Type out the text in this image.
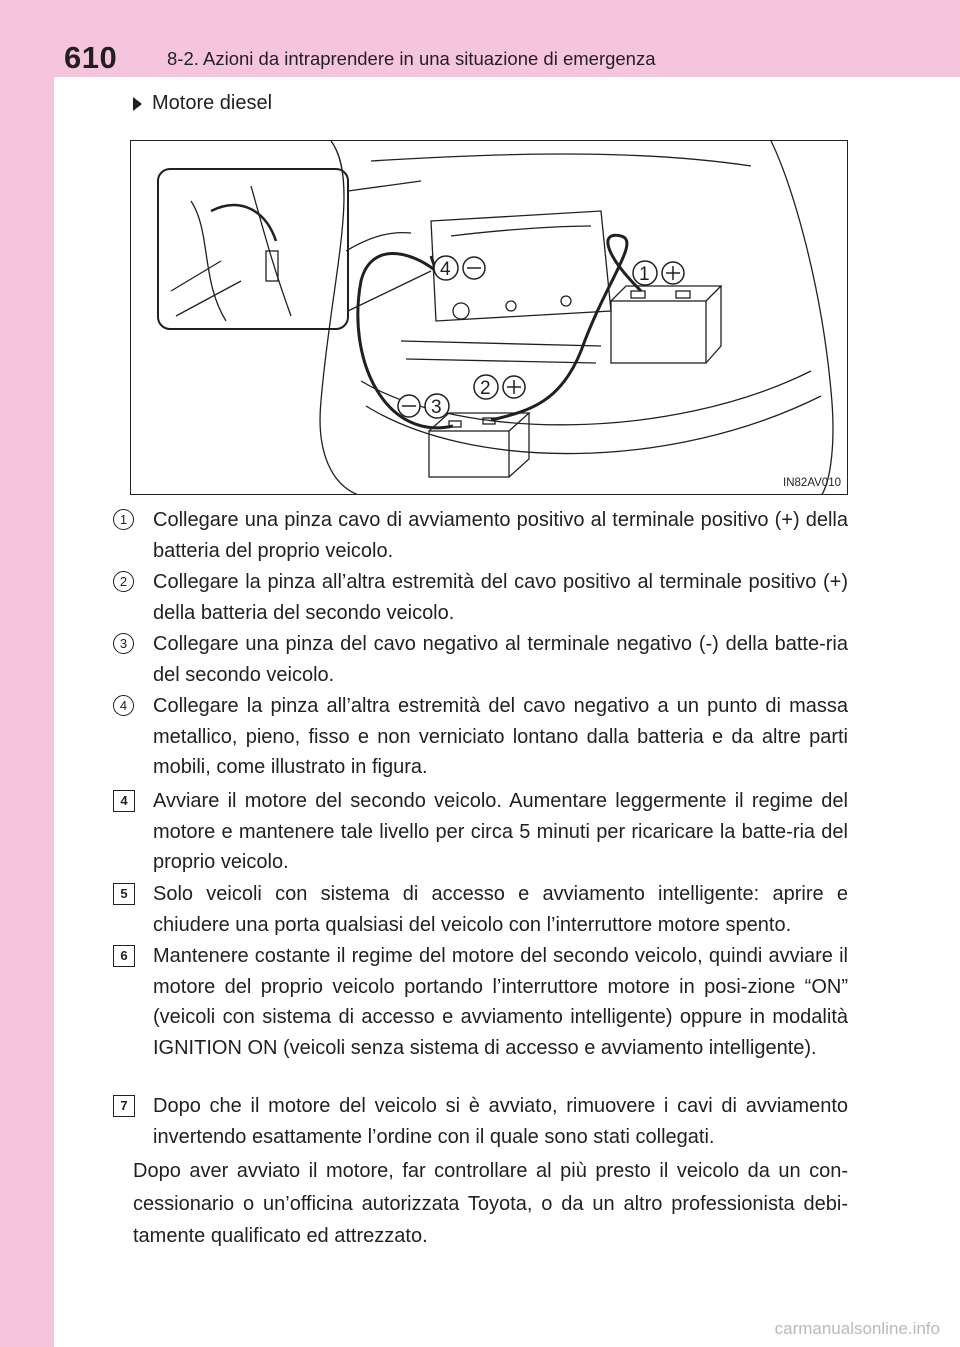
610	8-2. Azioni da intraprendere in una situazione di emergenza
Motore diesel
4	1
2
3
IN82AV010
1	Collegare una pinza cavo di avviamento positivo al terminale positivo (+) della batteria del proprio veicolo.
2	Collegare la pinza all’altra estremità del cavo positivo al terminale positivo (+) della batteria del secondo veicolo.
3	Collegare una pinza del cavo negativo al terminale negativo (-) della batte-ria del secondo veicolo.
4	Collegare la pinza all’altra estremità del cavo negativo a un punto di massa metallico, pieno, fisso e non verniciato lontano dalla batteria e da altre parti mobili, come illustrato in figura.
4	Avviare il motore del secondo veicolo. Aumentare leggermente il regime del motore e mantenere tale livello per circa 5 minuti per ricaricare la batte-ria del proprio veicolo.
5	Solo veicoli con sistema di accesso e avviamento intelligente: aprire e chiudere una porta qualsiasi del veicolo con l’interruttore motore spento.
6	Mantenere costante il regime del motore del secondo veicolo, quindi avviare il motore del proprio veicolo portando l’interruttore motore in posi-zione “ON” (veicoli con sistema di accesso e avviamento intelligente) oppure in modalità IGNITION ON (veicoli senza sistema di accesso e avviamento intelligente).
7	Dopo che il motore del veicolo si è avviato, rimuovere i cavi di avviamento invertendo esattamente l’ordine con il quale sono stati collegati.
Dopo aver avviato il motore, far controllare al più presto il veicolo da un con-cessionario o un’officina autorizzata Toyota, o da un altro professionista debi-tamente qualificato ed attrezzato.
carmanualsonline.info
